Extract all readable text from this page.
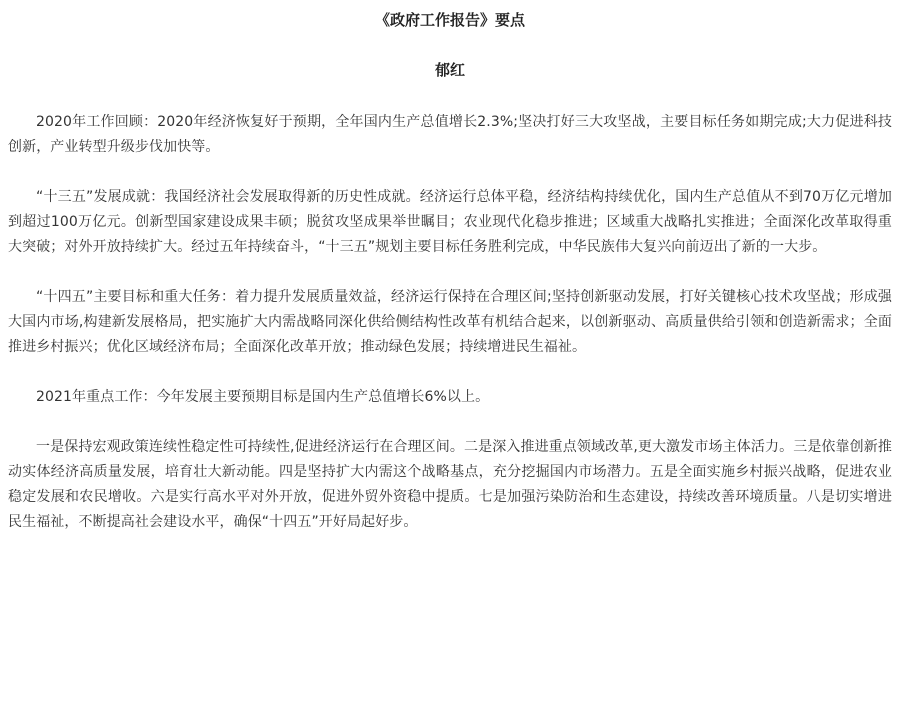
《政府工作报告》要点
郁红

2020年工作回顾：2020年经济恢复好于预期，全年国内生产总值增长2.3%;坚决打好三大攻坚战，主要目标任务如期完成;大力促进科技创新，产业转型升级步伐加快等。

“十三五”发展成就：我国经济社会发展取得新的历史性成就。经济运行总体平稳，经济结构持续优化，国内生产总值从不到70万亿元增加到超过100万亿元。创新型国家建设成果丰硕；脱贫攻坚成果举世瞩目；农业现代化稳步推进；区域重大战略扎实推进；全面深化改革取得重大突破；对外开放持续扩大。经过五年持续奋斗，“十三五”规划主要目标任务胜利完成，中华民族伟大复兴向前迈出了新的一大步。

“十四五”主要目标和重大任务：着力提升发展质量效益，经济运行保持在合理区间;坚持创新驱动发展，打好关键核心技术攻坚战；形成强大国内市场,构建新发展格局，把实施扩大内需战略同深化供给侧结构性改革有机结合起来，以创新驱动、高质量供给引领和创造新需求；全面推进乡村振兴；优化区域经济布局；全面深化改革开放；推动绿色发展；持续增进民生福祉。

2021年重点工作：今年发展主要预期目标是国内生产总值增长6%以上。

一是保持宏观政策连续性稳定性可持续性,促进经济运行在合理区间。二是深入推进重点领域改革,更大激发市场主体活力。三是依靠创新推动实体经济高质量发展，培育壮大新动能。四是坚持扩大内需这个战略基点，充分挖掘国内市场潜力。五是全面实施乡村振兴战略，促进农业稳定发展和农民增收。六是实行高水平对外开放，促进外贸外资稳中提质。七是加强污染防治和生态建设，持续改善环境质量。八是切实增进民生福祉，不断提高社会建设水平，确保“十四五”开好局起好步。
